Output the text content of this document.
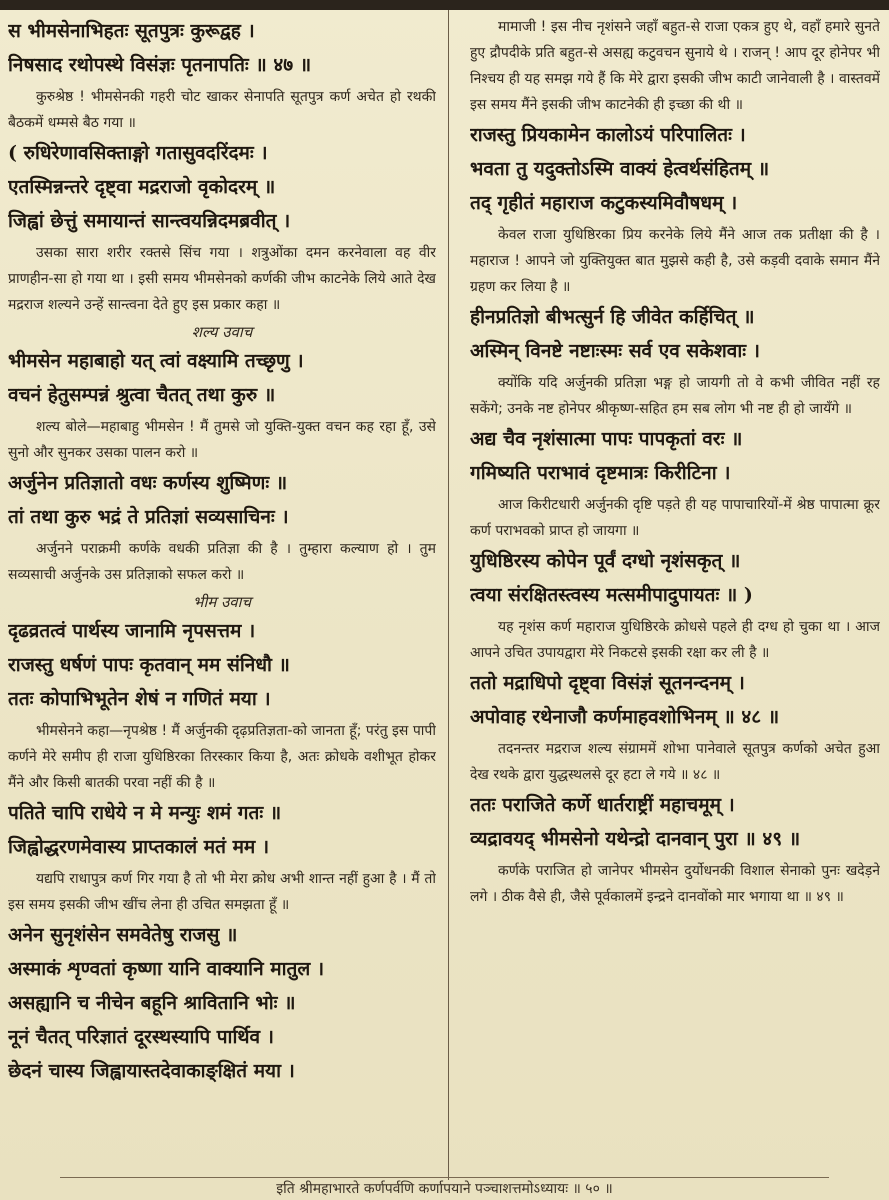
स भीमसेनाभिहतः सूतपुत्रः कुरूद्वह ।

निषसाद रथोपस्थे विसंज्ञः पृतनापतिः ॥ ४७ ॥

कुरुश्रेष्ठ ! भीमसेनकी गहरी चोट खाकर सेनापति सूतपुत्र कर्ण अचेत हो रथकी बैठकमें धम्मसे बैठ गया ॥

( रुधिरेणावसिक्ताङ्गो गतासुवदरिंदमः ।

एतस्मिन्नन्तरे दृष्ट्वा मद्रराजो वृकोदरम् ॥

जिह्वां छेत्तुं समायान्तं सान्त्वयन्निदमब्रवीत् ।

उसका सारा शरीर रक्तसे सिंच गया । शत्रुओंका दमन करनेवाला वह वीर प्राणहीन-सा हो गया था । इसी समय भीमसेनको कर्णकी जीभ काटनेके लिये आते देख मद्रराज शल्यने उन्हें सान्त्वना देते हुए इस प्रकार कहा ॥

शल्य उवाच

भीमसेन महाबाहो यत् त्वां वक्ष्यामि तच्छृणु ।

वचनं हेतुसम्पन्नं श्रुत्वा चैतत् तथा कुरु ॥

शल्य बोले—महाबाहु भीमसेन ! मैं तुमसे जो युक्ति-युक्त वचन कह रहा हूँ, उसे सुनो और सुनकर उसका पालन करो ॥

अर्जुनेन प्रतिज्ञातो वधः कर्णस्य शुष्मिणः ॥

तां तथा कुरु भद्रं ते प्रतिज्ञां सव्यसाचिनः ।

अर्जुनने पराक्रमी कर्णके वधकी प्रतिज्ञा की है । तुम्हारा कल्याण हो । तुम सव्यसाची अर्जुनके उस प्रतिज्ञाको सफल करो ॥

भीम उवाच

दृढव्रतत्वं पार्थस्य जानामि नृपसत्तम ।

राजस्तु धर्षणं पापः कृतवान् मम संनिधौ ॥

ततः कोपाभिभूतेन शेषं न गणितं मया ।

भीमसेनने कहा—नृपश्रेष्ठ ! मैं अर्जुनकी दृढ़प्रतिज्ञता-को जानता हूँ; परंतु इस पापी कर्णने मेरे समीप ही राजा युधिष्ठिरका तिरस्कार किया है, अतः क्रोधके वशीभूत होकर मैंने और किसी बातकी परवा नहीं की है ॥

पतिते चापि राधेये न मे मन्युः शमं गतः ॥

जिह्वोद्धरणमेवास्य प्राप्तकालं मतं मम ।

यद्यपि राधापुत्र कर्ण गिर गया है तो भी मेरा क्रोध अभी शान्त नहीं हुआ है । मैं तो इस समय इसकी जीभ खींच लेना ही उचित समझता हूँ ॥

अनेन सुनृशंसेन समवेतेषु राजसु ॥

अस्माकं शृण्वतां कृष्णा यानि वाक्यानि मातुल ।

असह्यानि च नीचेन बहूनि श्रावितानि भोः ॥

नूनं चैतत् परिज्ञातं दूरस्थस्यापि पार्थिव ।

छेदनं चास्य जिह्वायास्तदेवाकाङ्क्षितं मया ।

मामाजी ! इस नीच नृशंसने जहाँ बहुत-से राजा एकत्र हुए थे, वहाँ हमारे सुनते हुए द्रौपदीके प्रति बहुत-से असह्य कटुवचन सुनाये थे । राजन् ! आप दूर होनेपर भी निश्चय ही यह समझ गये हैं कि मेरे द्वारा इसकी जीभ काटी जानेवाली है । वास्तवमें इस समय मैंने इसकी जीभ काटनेकी ही इच्छा की थी ॥

राजस्तु प्रियकामेन कालोऽयं परिपालितः ।

भवता तु यदुक्तोऽस्मि वाक्यं हेत्वर्थसंहितम् ॥

तद् गृहीतं महाराज कटुकस्यमिवौषधम् ।

केवल राजा युधिष्ठिरका प्रिय करनेके लिये मैंने आज तक प्रतीक्षा की है । महाराज ! आपने जो युक्तियुक्त बात मुझसे कही है, उसे कड़वी दवाके समान मैंने ग्रहण कर लिया है ॥

हीनप्रतिज्ञो बीभत्सुर्न हि जीवेत कर्हिचित् ॥

अस्मिन् विनष्टे नष्टाःस्मः सर्व एव सकेशवाः ।

क्योंकि यदि अर्जुनकी प्रतिज्ञा भङ्ग हो जायगी तो वे कभी जीवित नहीं रह सकेंगे; उनके नष्ट होनेपर श्रीकृष्ण-सहित हम सब लोग भी नष्ट ही हो जायँगे ॥

अद्य चैव नृशंसात्मा पापः पापकृतां वरः ॥

गमिष्यति पराभावं दृष्टमात्रः किरीटिना ।

आज किरीटधारी अर्जुनकी दृष्टि पड़ते ही यह पापाचारियों-में श्रेष्ठ पापात्मा क्रूर कर्ण पराभवको प्राप्त हो जायगा ॥

युधिष्ठिरस्य कोपेन पूर्वं दग्धो नृशंसकृत् ॥

त्वया संरक्षितस्त्वस्य मत्समीपादुपायतः ॥ )

यह नृशंस कर्ण महाराज युधिष्ठिरके क्रोधसे पहले ही दग्ध हो चुका था । आज आपने उचित उपायद्वारा मेरे निकटसे इसकी रक्षा कर ली है ॥

ततो मद्राधिपो दृष्ट्वा विसंज्ञं सूतनन्दनम् ।

अपोवाह रथेनाजौ कर्णमाहवशोभिनम् ॥ ४८ ॥

तदनन्तर मद्रराज शल्य संग्राममें शोभा पानेवाले सूतपुत्र कर्णको अचेत हुआ देख रथके द्वारा युद्धस्थलसे दूर हटा ले गये ॥ ४८ ॥

ततः पराजिते कर्णे धार्तराष्ट्रीं महाचमूम् ।

व्यद्रावयद् भीमसेनो यथेन्द्रो दानवान् पुरा ॥ ४९ ॥

कर्णके पराजित हो जानेपर भीमसेन दुर्योधनकी विशाल सेनाको पुनः खदेड़ने लगे । ठीक वैसे ही, जैसे पूर्वकालमें इन्द्रने दानवोंको मार भगाया था ॥ ४९ ॥

इति श्रीमहाभारते कर्णपर्वणि कर्णापयाने पञ्चाशत्तमोऽध्यायः ॥ ५० ॥
